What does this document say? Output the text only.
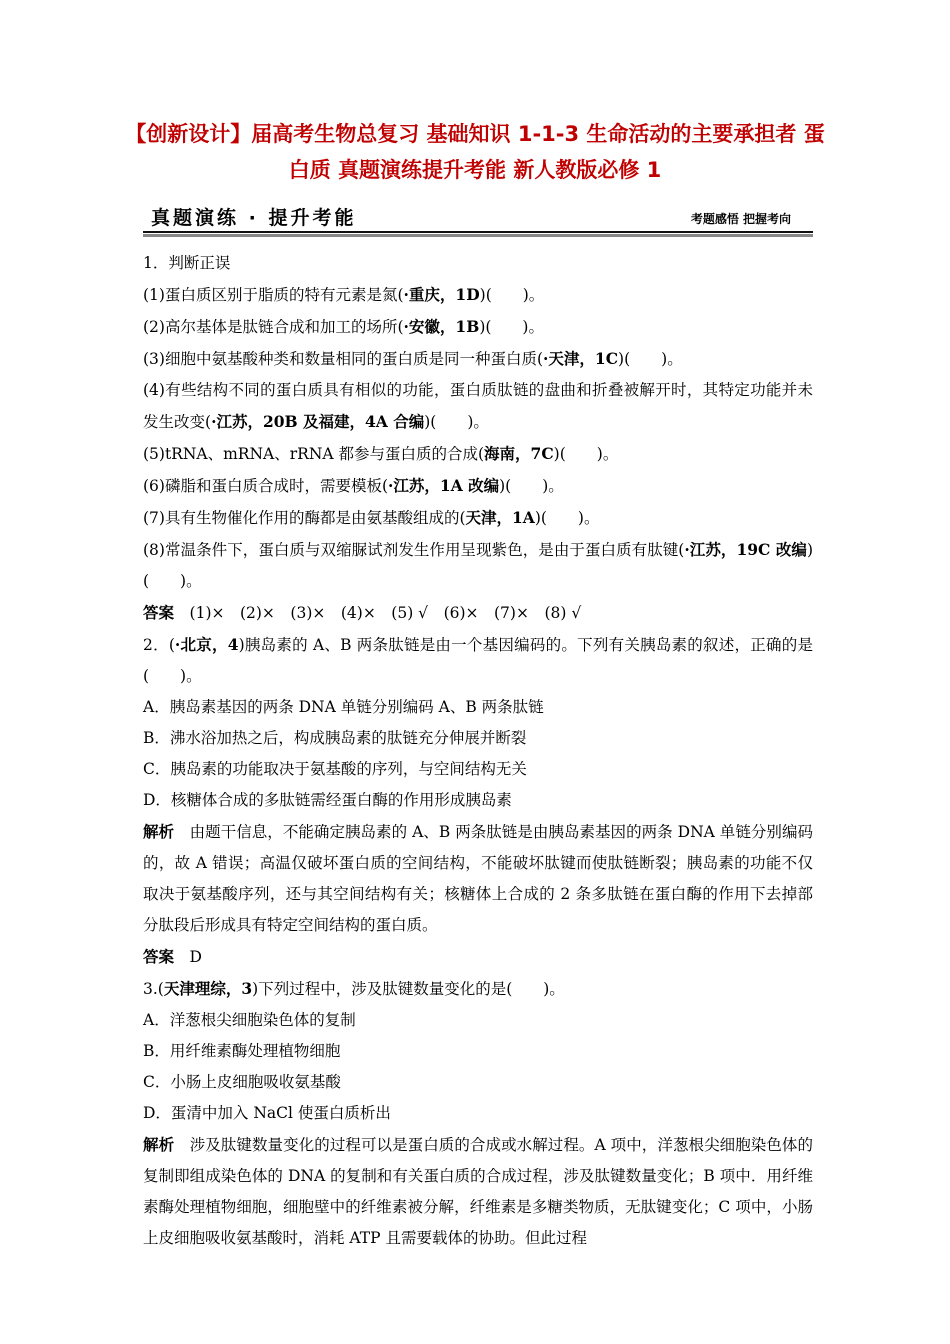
【创新设计】届高考生物总复习 基础知识 1-1-3 生命活动的主要承担者 蛋白质 真题演练提升考能 新人教版必修 1
真题演练 · 提升考能	考题感悟 把握考向

1．判断正误

(1)蛋白质区别于脂质的特有元素是氮(·重庆，1D)(　　)。

(2)高尔基体是肽链合成和加工的场所(·安徽，1B)(　　)。

(3)细胞中氨基酸种类和数量相同的蛋白质是同一种蛋白质(·天津，1C)(　　)。

(4)有些结构不同的蛋白质具有相似的功能，蛋白质肽链的盘曲和折叠被解开时，其特定功能并未发生改变(·江苏，20B 及福建，4A 合编)(　　)。

(5)tRNA、mRNA、rRNA 都参与蛋白质的合成(海南，7C)(　　)。

(6)磷脂和蛋白质合成时，需要模板(·江苏，1A 改编)(　　)。

(7)具有生物催化作用的酶都是由氨基酸组成的(天津，1A)(　　)。

(8)常温条件下，蛋白质与双缩脲试剂发生作用呈现紫色，是由于蛋白质有肽键(·江苏，19C 改编)(　　)。

答案　 (1)×　(2)×　(3)×　(4)×　(5) √　(6)×　(7)×　(8) √

2．(·北京，4)胰岛素的 A、B 两条肽链是由一个基因编码的。下列有关胰岛素的叙述，正确的是(　　)。

A．胰岛素基因的两条 DNA 单链分别编码 A、B 两条肽链

B．沸水浴加热之后，构成胰岛素的肽链充分伸展并断裂

C．胰岛素的功能取决于氨基酸的序列，与空间结构无关

D．核糖体合成的多肽链需经蛋白酶的作用形成胰岛素

解析　 由题干信息，不能确定胰岛素的 A、B 两条肽链是由胰岛素基因的两条 DNA 单链分别编码的，故 A 错误；高温仅破坏蛋白质的空间结构，不能破坏肽键而使肽链断裂；胰岛素的功能不仅取决于氨基酸序列，还与其空间结构有关；核糖体上合成的 2 条多肽链在蛋白酶的作用下去掉部分肽段后形成具有特定空间结构的蛋白质。

答案　 D

3.(天津理综，3)下列过程中，涉及肽键数量变化的是(　　)。

A．洋葱根尖细胞染色体的复制

B．用纤维素酶处理植物细胞

C．小肠上皮细胞吸收氨基酸

D．蛋清中加入 NaCl 使蛋白质析出

解析　 涉及肽键数量变化的过程可以是蛋白质的合成或水解过程。A 项中，洋葱根尖细胞染色体的复制即组成染色体的 DNA 的复制和有关蛋白质的合成过程，涉及肽键数量变化；B 项中．用纤维素酶处理植物细胞，细胞壁中的纤维素被分解，纤维素是多糖类物质，无肽键变化；C 项中，小肠上皮细胞吸收氨基酸时，消耗 ATP 且需要载体的协助。但此过程
